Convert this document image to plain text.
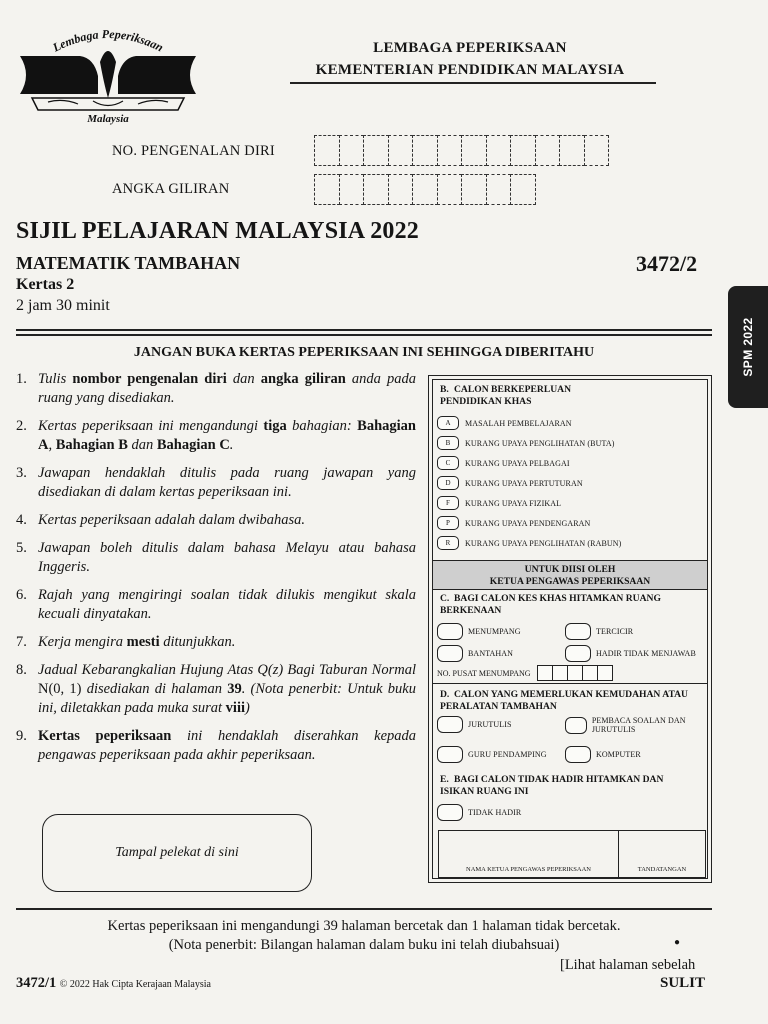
Lembaga Peperiksaan
Malaysia
LEMBAGA PEPERIKSAAN
KEMENTERIAN PENDIDIKAN MALAYSIA
NO. PENGENALAN DIRI
ANGKA GILIRAN
SIJIL PELAJARAN MALAYSIA 2022
MATEMATIK TAMBAHAN	3472/2
Kertas 2
2 jam 30 minit
SPM 2022
JANGAN BUKA KERTAS PEPERIKSAAN INI SEHINGGA DIBERITAHU
1. Tulis nombor pengenalan diri dan angka giliran anda pada ruang yang disediakan.
2. Kertas peperiksaan ini mengandungi tiga bahagian: Bahagian A, Bahagian B dan Bahagian C.
3. Jawapan hendaklah ditulis pada ruang jawapan yang disediakan di dalam kertas peperiksaan ini.
4. Kertas peperiksaan adalah dalam dwibahasa.
5. Jawapan boleh ditulis dalam bahasa Melayu atau bahasa Inggeris.
6. Rajah yang mengiringi soalan tidak dilukis mengikut skala kecuali dinyatakan.
7. Kerja mengira mesti ditunjukkan.
8. Jadual Kebarangkalian Hujung Atas Q(z) Bagi Taburan Normal N(0, 1) disediakan di halaman 39. (Nota penerbit: Untuk buku ini, diletakkan pada muka surat viii)
9. Kertas peperiksaan ini hendaklah diserahkan kepada pengawas peperiksaan pada akhir peperiksaan.
Tampal pelekat di sini
B. CALON BERKEPERLUAN PENDIDIKAN KHAS
A	MASALAH PEMBELAJARAN
B	KURANG UPAYA PENGLIHATAN (BUTA)
C	KURANG UPAYA PELBAGAI
D	KURANG UPAYA PERTUTURAN
F	KURANG UPAYA FIZIKAL
P	KURANG UPAYA PENDENGARAN
R	KURANG UPAYA PENGLIHATAN (RABUN)
UNTUK DIISI OLEH
KETUA PENGAWAS PEPERIKSAAN
C. BAGI CALON KES KHAS HITAMKAN RUANG BERKENAAN
MENUMPANG	TERCICIR
BANTAHAN	HADIR TIDAK MENJAWAB
NO. PUSAT MENUMPANG
D. CALON YANG MEMERLUKAN KEMUDAHAN ATAU PERALATAN TAMBAHAN
JURUTULIS	PEMBACA SOALAN DAN JURUTULIS
GURU PENDAMPING	KOMPUTER
E. BAGI CALON TIDAK HADIR HITAMKAN DAN ISIKAN RUANG INI
TIDAK HADIR
NAMA KETUA PENGAWAS PEPERIKSAAN	TANDATANGAN
Kertas peperiksaan ini mengandungi 39 halaman bercetak dan 1 halaman tidak bercetak.
(Nota penerbit: Bilangan halaman dalam buku ini telah diubahsuai)	●
[Lihat halaman sebelah
3472/1 © 2022 Hak Cipta Kerajaan Malaysia	SULIT
